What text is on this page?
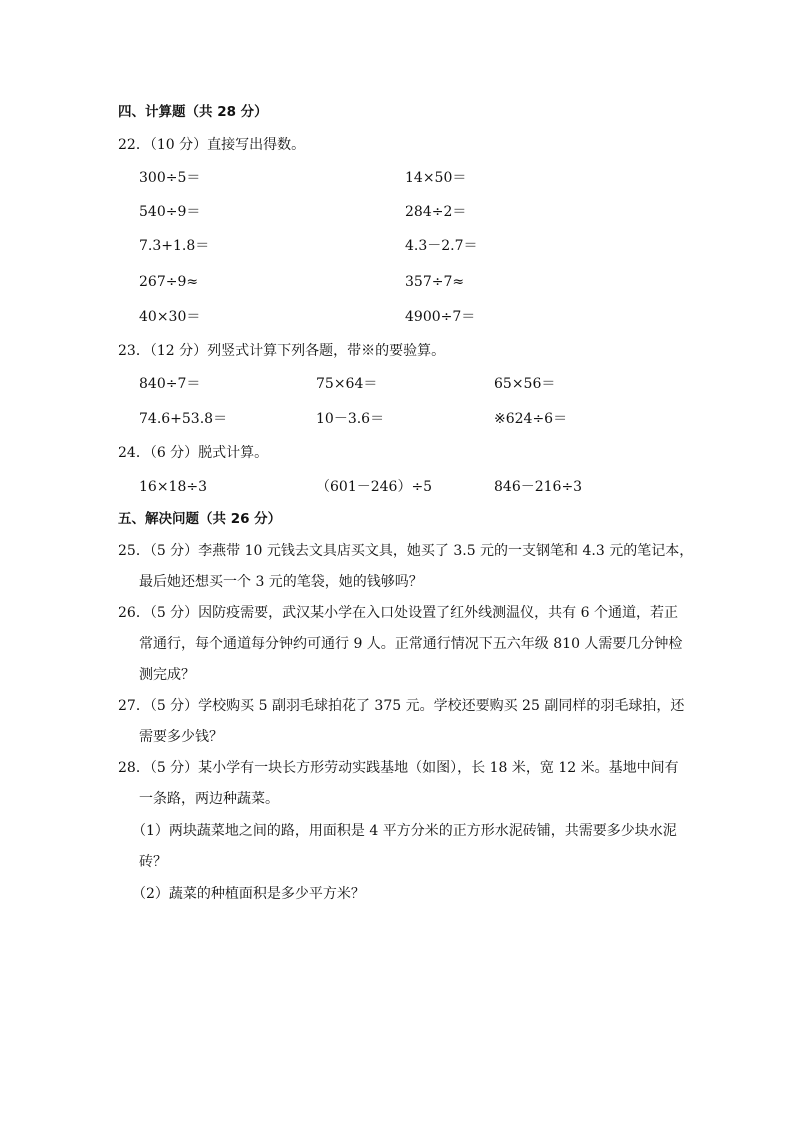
四、计算题（共 28 分）
22．（10 分）直接写出得数。
300÷5＝	14×50＝
540÷9＝	284÷2＝
7.3+1.8＝	4.3－2.7＝
267÷9≈	357÷7≈
40×30＝	4900÷7＝
23．（12 分）列竖式计算下列各题，带※的要验算。
840÷7＝	75×64＝	65×56＝
74.6+53.8＝	10－3.6＝	※624÷6＝
24．（6 分）脱式计算。
16×18÷3	（601－246）÷5	846－216÷3
五、解决问题（共 26 分）
25．（5 分）李燕带 10 元钱去文具店买文具，她买了 3.5 元的一支钢笔和 4.3 元的笔记本，
最后她还想买一个 3 元的笔袋，她的钱够吗？
26．（5 分）因防疫需要，武汉某小学在入口处设置了红外线测温仪，共有 6 个通道，若正
常通行，每个通道每分钟约可通行 9 人。正常通行情况下五六年级 810 人需要几分钟检
测完成？
27．（5 分）学校购买 5 副羽毛球拍花了 375 元。学校还要购买 25 副同样的羽毛球拍，还
需要多少钱？
28．（5 分）某小学有一块长方形劳动实践基地（如图），长 18 米，宽 12 米。基地中间有
一条路，两边种蔬菜。
（1）两块蔬菜地之间的路，用面积是 4 平方分米的正方形水泥砖铺，共需要多少块水泥
砖？
（2）蔬菜的种植面积是多少平方米？
